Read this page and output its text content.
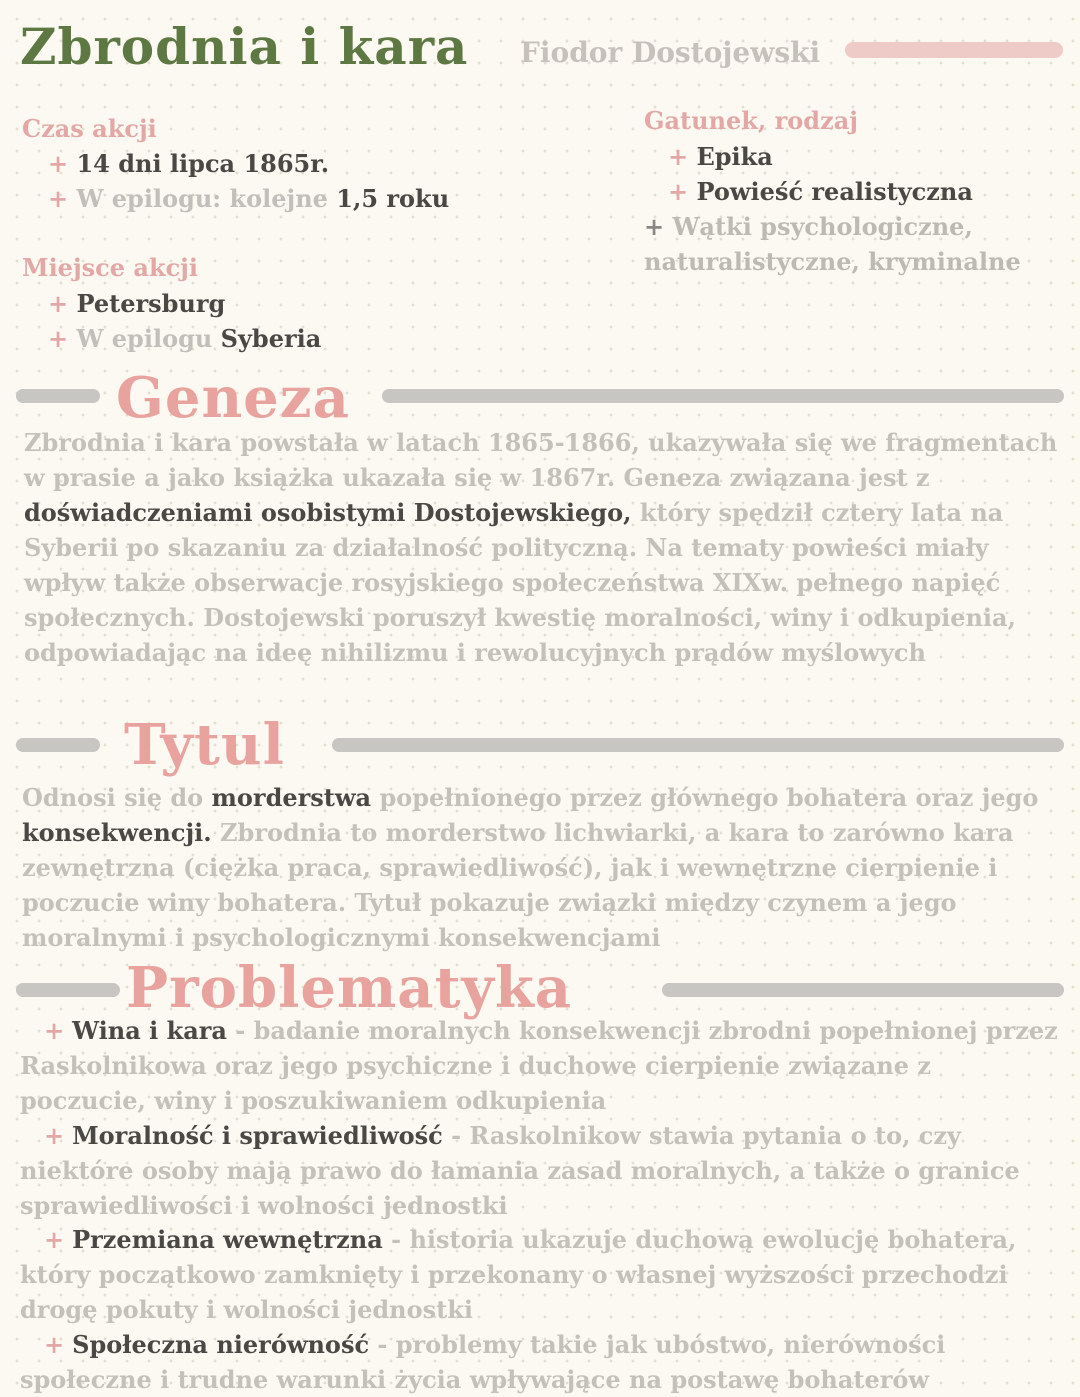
Zbrodnia i kara Fiodor Dostojewski
Czas akcji
+ 14 dni lipca 1865r.
+ W epilogu: kolejne 1,5 roku
Miejsce akcji
+ Petersburg
+ W epilogu Syberia
Gatunek, rodzaj
+ Epika
+ Powieść realistyczna
+ Wątki psychologiczne,
naturalistyczne, kryminalne
Geneza

Zbrodnia i kara powstała w latach 1865-1866, ukazywała się we fragmentach w prasie a jako książka ukazała się w 1867r. Geneza związana jest z doświadczeniami osobistymi Dostojewskiego, który spędził cztery lata na Syberii po skazaniu za działalność polityczną. Na tematy powieści miały wpływ także obserwacje rosyjskiego społeczeństwa XIXw. pełnego napięć społecznych. Dostojewski poruszył kwestię moralności, winy i odkupienia, odpowiadając na ideę nihilizmu i rewolucyjnych prądów myślowych

Tytul

Odnosi się do morderstwa popełnionego przez głównego bohatera oraz jego konsekwencji. Zbrodnia to morderstwo lichwiarki, a kara to zarówno kara zewnętrzna (ciężka praca, sprawiedliwość), jak i wewnętrzne cierpienie i poczucie winy bohatera. Tytuł pokazuje związki między czynem a jego moralnymi i psychologicznymi konsekwencjami

Problematyka

+ Wina i kara - badanie moralnych konsekwencji zbrodni popełnionej przez Raskolnikowa oraz jego psychiczne i duchowe cierpienie związane z poczucie, winy i poszukiwaniem odkupienia

+ Moralność i sprawiedliwość - Raskolnikow stawia pytania o to, czy niektóre osoby mają prawo do łamania zasad moralnych, a także o granice sprawiedliwości i wolności jednostki

+ Przemiana wewnętrzna - historia ukazuje duchową ewolucję bohatera, który początkowo zamknięty i przekonany o własnej wyższości przechodzi drogę pokuty i wolności jednostki

+ Społeczna nierówność - problemy takie jak ubóstwo, nierówności społeczne i trudne warunki życia wpływające na postawę bohaterów
